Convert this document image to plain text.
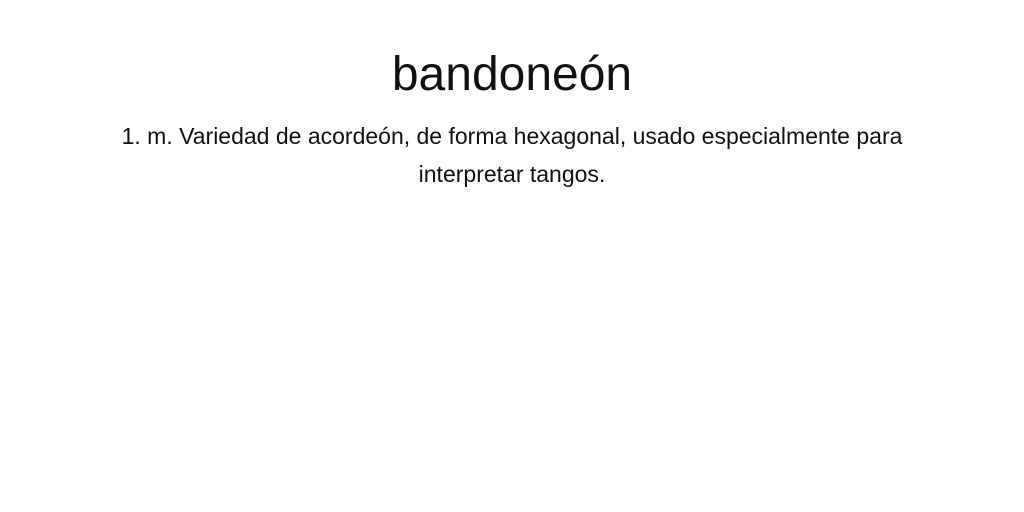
bandoneón

1. m. Variedad de acordeón, de forma hexagonal, usado especialmente para interpretar tangos.
